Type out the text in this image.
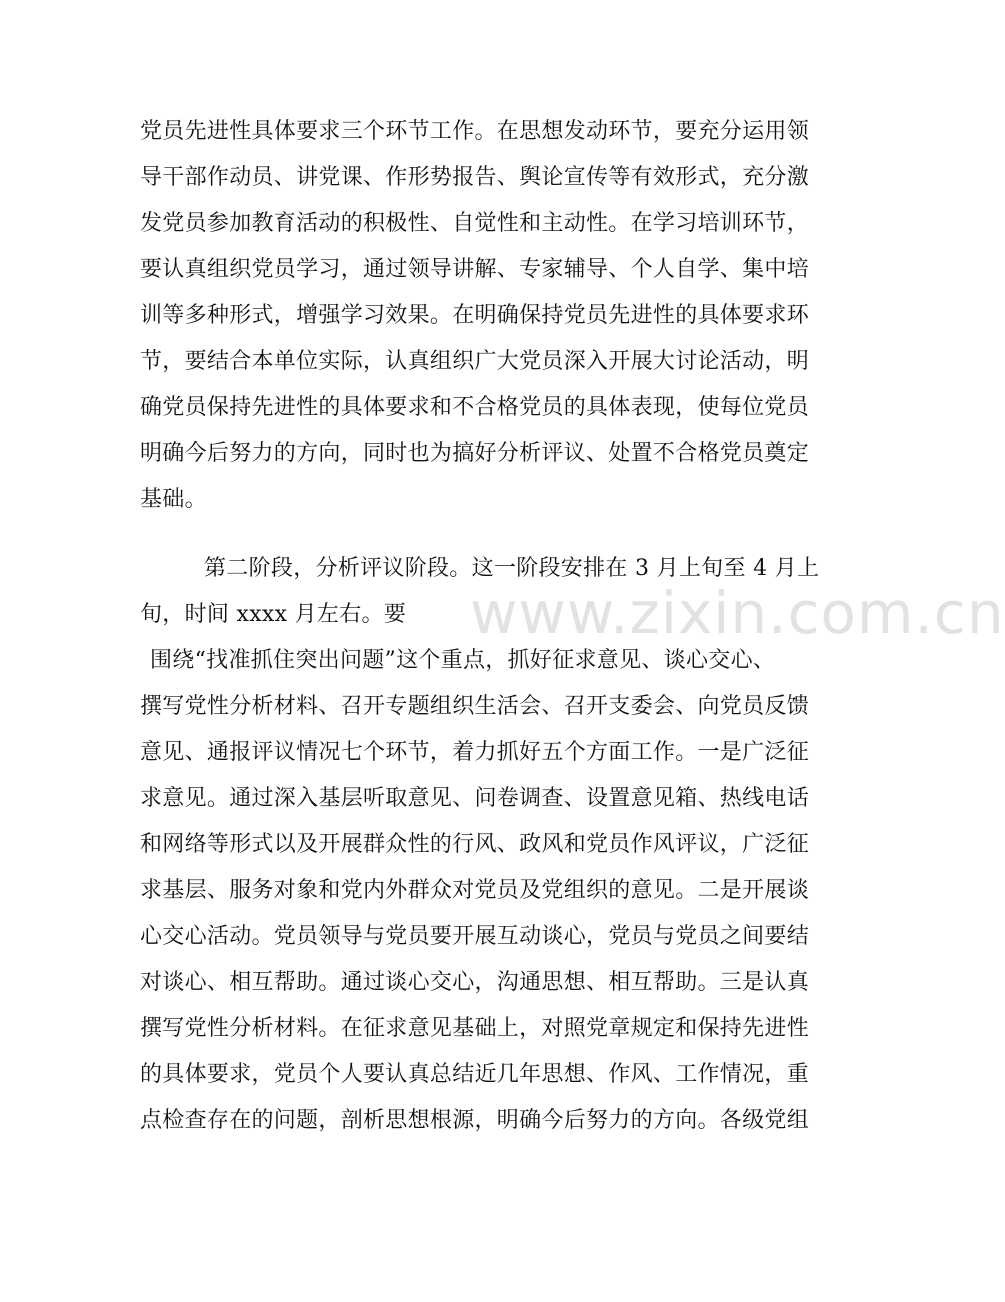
党员先进性具体要求三个环节工作。在思想发动环节，要充分运用领
导干部作动员、讲党课、作形势报告、舆论宣传等有效形式，充分激
发党员参加教育活动的积极性、自觉性和主动性。在学习培训环节，
要认真组织党员学习，通过领导讲解、专家辅导、个人自学、集中培
训等多种形式，增强学习效果。在明确保持党员先进性的具体要求环
节，要结合本单位实际，认真组织广大党员深入开展大讨论活动，明
确党员保持先进性的具体要求和不合格党员的具体表现，使每位党员
明确今后努力的方向，同时也为搞好分析评议、处置不合格党员奠定
基础。
第二阶段，分析评议阶段。这一阶段安排在 3 月上旬至 4 月上
旬，时间 xxxx 月左右。要
围绕“找准抓住突出问题”这个重点，抓好征求意见、谈心交心、
撰写党性分析材料、召开专题组织生活会、召开支委会、向党员反馈
意见、通报评议情况七个环节，着力抓好五个方面工作。一是广泛征
求意见。通过深入基层听取意见、问卷调查、设置意见箱、热线电话
和网络等形式以及开展群众性的行风、政风和党员作风评议，广泛征
求基层、服务对象和党内外群众对党员及党组织的意见。二是开展谈
心交心活动。党员领导与党员要开展互动谈心，党员与党员之间要结
对谈心、相互帮助。通过谈心交心，沟通思想、相互帮助。三是认真
撰写党性分析材料。在征求意见基础上，对照党章规定和保持先进性
的具体要求，党员个人要认真总结近几年思想、作风、工作情况，重
点检查存在的问题，剖析思想根源，明确今后努力的方向。各级党组
www.zixin.com.cn
